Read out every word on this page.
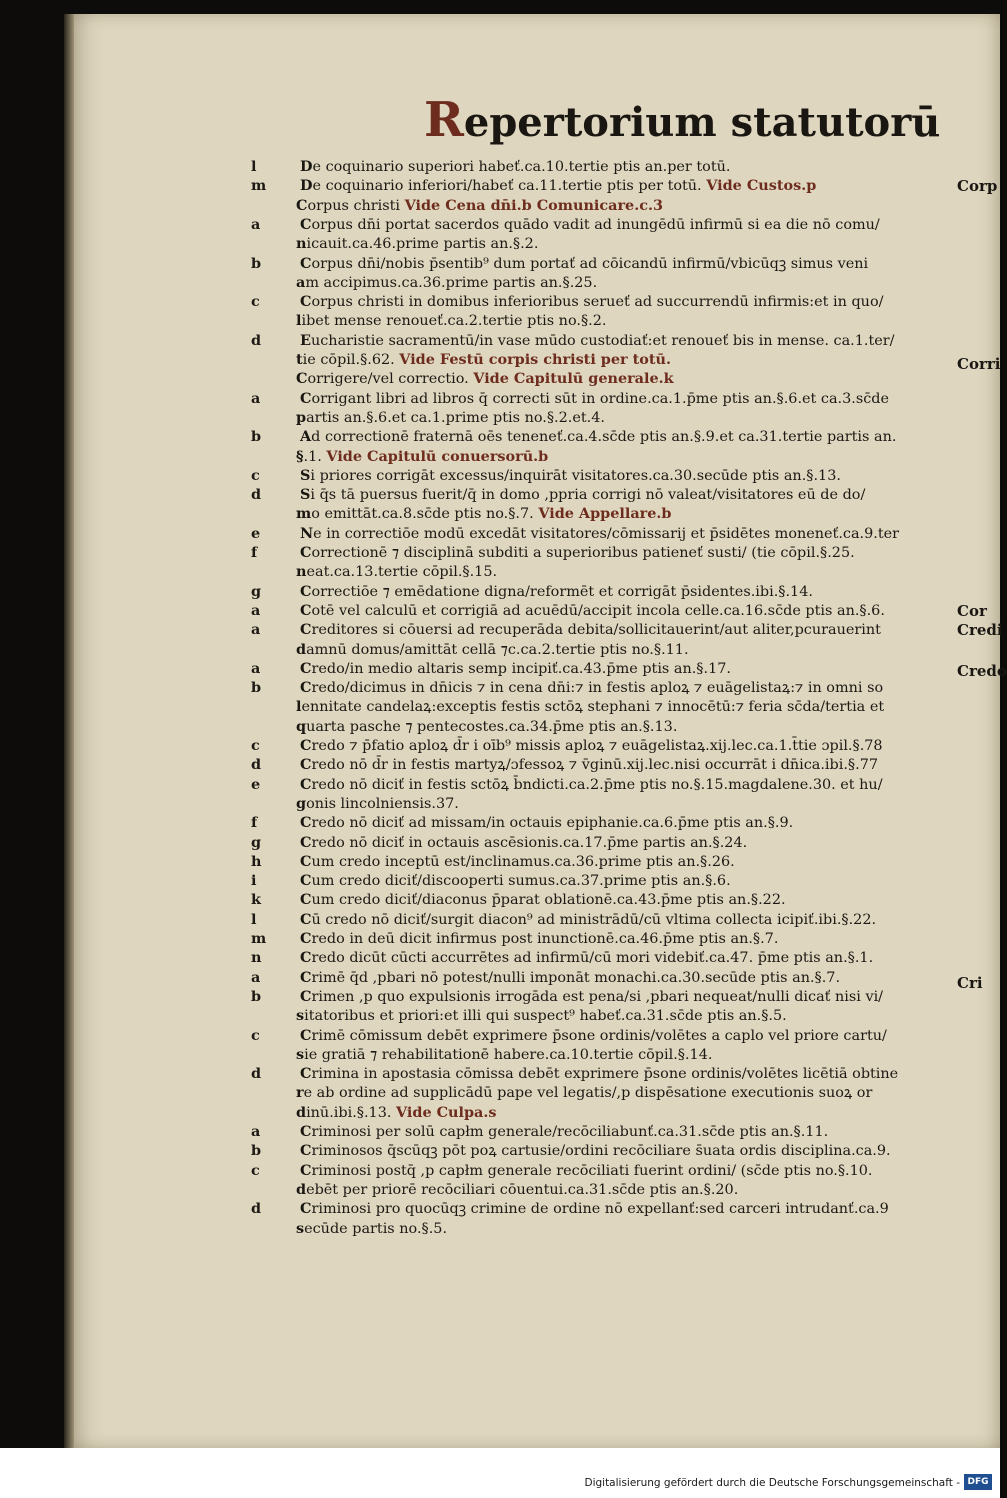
Repertorium statutorū
l	De coquinario superiori habeť.ca.10.tertie ptis an.per totū.
m De coquinario inferiori/habeť ca.11.tertie ptis per totū. Vide Custos.p
Corpus christi Vide Cena dn̄i.b Comunicare.c.3
a	Corpus dn̄i portat sacerdos quādo vadit ad inungēdū infirmū si ea die nō comu/
nicauit.ca.46.prime partis an.§.2.
b	Corpus dn̄i/nobis p̄sentib⁹ dum portať ad cōicandū infirmū/vbicūqꝫ simus veni
am accipimus.ca.36.prime partis an.§.25.
c	Corpus christi in domibus inferioribus serueť ad succurrendū infirmis:et in quo/
libet mense renoueť.ca.2.tertie ptis no.§.2.
d	Eucharistie sacramentū/in vase mūdo custodiať:et renoueť bis in mense. ca.1.ter/
tie cōpil.§.62. Vide Festū corpis christi per totū.
Corrigere/vel correctio. Vide Capitulū generale.k
a	Corrigant libri ad libros q̄ correcti sūt in ordine.ca.1.p̄me ptis an.§.6.et ca.3.sc̄de
partis an.§.6.et ca.1.prime ptis no.§.2.et.4.
b	Ad correctionē fraternā oēs teneneť.ca.4.sc̄de ptis an.§.9.et ca.31.tertie partis an.
§.1. Vide Capitulū conuersorū.b
c	Si priores corrigāt excessus/inquirāt visitatores.ca.30.secūde ptis an.§.13.
d	Si q̄s tā puersus fuerit/q̄ in domo ,ppria corrigi nō valeat/visitatores eū de do/
mo emittāt.ca.8.sc̄de ptis no.§.7. Vide Appellare.b
e	Ne in correctiōe modū excedāt visitatores/cōmissarij et p̄sidētes moneneť.ca.9.ter
f	Correctionē ⁊ disciplinā subditi a superioribus patieneť susti/ (tie cōpil.§.25.
neat.ca.13.tertie cōpil.§.15.
g	Correctiōe ⁊ emēdatione digna/reformēt et corrigāt p̄sidentes.ibi.§.14.
a	Cotē vel calculū et corrigiā ad acuēdū/accipit incola celle.ca.16.sc̄de ptis an.§.6.
a	Creditores si cōuersi ad recuperāda debita/sollicitauerint/aut aliter,pcurauerint
damnū domus/amittāt cellā ⁊c.ca.2.tertie ptis no.§.11.
a	Credo/in medio altaris semp incipiť.ca.43.p̄me ptis an.§.17.
b	Credo/dicimus in dn̄icis ⁊ in cena dn̄i:⁊ in festis aploꝝ ⁊ euāgelistaꝝ:⁊ in omni so
lennitate candelaꝝ:exceptis festis sctōꝝ stephani ⁊ innocētū:⁊ feria sc̄da/tertia et
quarta pasche ⁊ pentecostes.ca.34.p̄me ptis an.§.13.
c	Credo ⁊ p̄fatio aploꝝ d̄r i oīb⁹ missis aploꝝ ⁊ euāgelistaꝝ.xij.lec.ca.1.t̄tie ɔpil.§.78
d	Credo nō d̄r in festis martyꝝ/ɔfessoꝝ ⁊ v̄ginū.xij.lec.nisi occurrāt i dn̄ica.ibi.§.77
e	Credo nō diciť in festis sctōꝝ b̄ndicti.ca.2.p̄me ptis no.§.15.magdalene.30. et hu/
gonis lincolniensis.37.
f	Credo nō diciť ad missam/in octauis epiphanie.ca.6.p̄me ptis an.§.9.
g	Credo nō diciť in octauis ascēsionis.ca.17.p̄me partis an.§.24.
h	Cum credo inceptū est/inclinamus.ca.36.prime ptis an.§.26.
i	Cum credo diciť/discooperti sumus.ca.37.prime ptis an.§.6.
k	Cum credo diciť/diaconus p̄parat oblationē.ca.43.p̄me ptis an.§.22.
l	Cū credo nō diciť/surgit diacon⁹ ad ministrādū/cū vltima collecta icipiť.ibi.§.22.
m Credo in deū dicit infirmus post inunctionē.ca.46.p̄me ptis an.§.7.
n	Credo dicūt cūcti accurrētes ad infirmū/cū mori videbiť.ca.47. p̄me ptis an.§.1.
a	Crimē q̄d ,pbari nō potest/nulli imponāt monachi.ca.30.secūde ptis an.§.7.
b	Crimen ,p quo expulsionis irrogāda est pena/si ,pbari nequeat/nulli dicať nisi vi/
sitatoribus et priori:et illi qui suspect⁹ habeť.ca.31.sc̄de ptis an.§.5.
c	Crimē cōmissum debēt exprimere p̄sone ordinis/volētes a caplo vel priore cartu/
sie gratiā ⁊ rehabilitationē habere.ca.10.tertie cōpil.§.14.
d	Crimina in apostasia cōmissa debēt exprimere p̄sone ordinis/volētes licētiā obtine
re ab ordine ad supplicādū pape vel legatis/,p dispēsatione executionis suoꝝ or
dinū.ibi.§.13. Vide Culpa.s
a	Criminosi per solū capłm generale/recōciliabunť.ca.31.sc̄de ptis an.§.11.
b	Criminosos q̄scūqꝫ pōt poꝝ cartusie/ordini recōciliare s̄uata ordis disciplina.ca.9.
c	Criminosi postq̄ ,p capłm generale recōciliati fuerint ordini/ (sc̄de ptis no.§.10.
debēt per priorē recōciliari cōuentui.ca.31.sc̄de ptis an.§.20.
d	Criminosi pro quocūqꝫ crimine de ordine nō expellanť:sed carceri intrudanť.ca.9
secūde partis no.§.5.
Corp
Corri
Cor
Credi
Credo
Cri
Digitalisierung gefördert durch die Deutsche Forschungsgemeinschaft - DFG
